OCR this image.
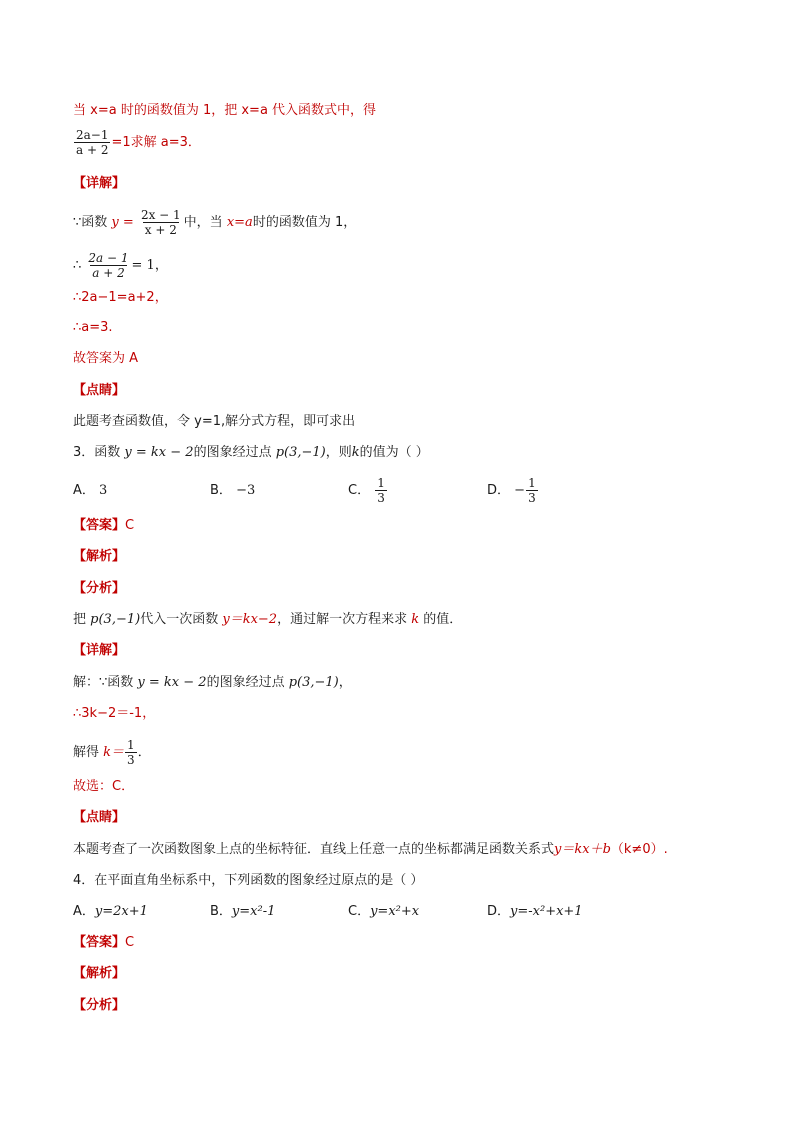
当 x=a 时的函数值为 1，把 x=a 代入函数式中，得
$\frac{2a-1}{a + 2} =1$求解 a=3．
【详解】
∵函数 $y = \frac{2x - 1}{x + 2}$ 中，当 x=a时的函数值为 1，
∴ $\frac{2a - 1}{a + 2} = 1$，
∴2a−1=a+2，
∴a=3.
故答案为 A
【点睛】
此题考查函数值，令 y=1,解分式方程，即可求出
3．函数 y = kx − 2的图象经过点 p(3,−1)，则k的值为（ ）
A． 3	B． −3	C． $\frac{1}{3}$	D． − $\frac{1}{3}$
【答案】C
【解析】
【分析】
把 p(3,−1)代入一次函数 y＝kx−2，通过解一次方程来求 k 的值．
【详解】
解：∵函数 y = kx − 2的图象经过点 p(3,−1)，
∴3k−2＝-1，
解得 $k= \frac{1}{3}$ ．
故选：C．
【点睛】
本题考查了一次函数图象上点的坐标特征．直线上任意一点的坐标都满足函数关系式y＝kx＋b（k≠0）.
4．在平面直角坐标系中，下列函数的图象经过原点的是（ ）
A．y=2x+1	B．y=x²-1	C．y=x²+x	D．y=-x²+x+1
【答案】C
【解析】
【分析】
